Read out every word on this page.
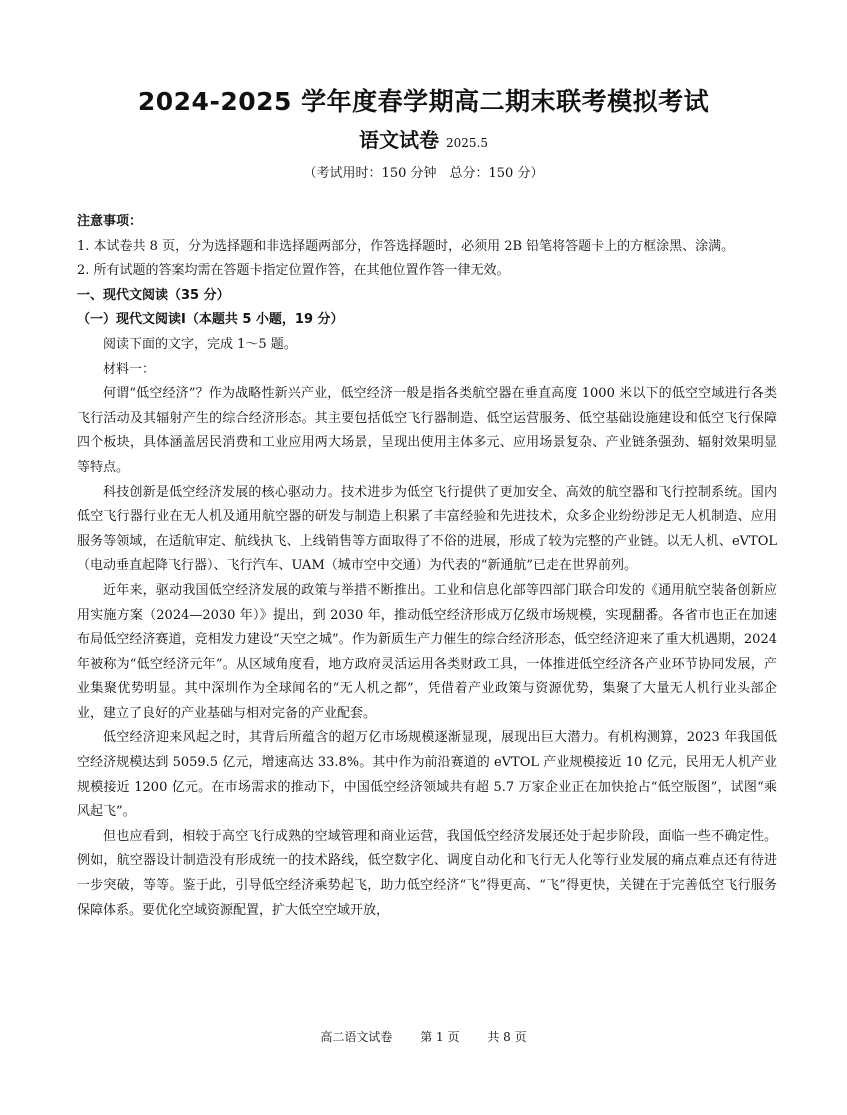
2024-2025 学年度春学期高二期末联考模拟考试
语文试卷 2025.5
（考试用时：150 分钟　总分：150 分）

注意事项：

1. 本试卷共 8 页，分为选择题和非选择题两部分，作答选择题时，必须用 2B 铅笔将答题卡上的方框涂黑、涂满。

2. 所有试题的答案均需在答题卡指定位置作答，在其他位置作答一律无效。

一、现代文阅读（35 分）

（一）现代文阅读Ⅰ（本题共 5 小题，19 分）

阅读下面的文字，完成 1～5 题。

材料一：

何谓“低空经济”？作为战略性新兴产业，低空经济一般是指各类航空器在垂直高度 1000 米以下的低空空域进行各类飞行活动及其辐射产生的综合经济形态。其主要包括低空飞行器制造、低空运营服务、低空基础设施建设和低空飞行保障四个板块，具体涵盖居民消费和工业应用两大场景，呈现出使用主体多元、应用场景复杂、产业链条强劲、辐射效果明显等特点。

科技创新是低空经济发展的核心驱动力。技术进步为低空飞行提供了更加安全、高效的航空器和飞行控制系统。国内低空飞行器行业在无人机及通用航空器的研发与制造上积累了丰富经验和先进技术，众多企业纷纷涉足无人机制造、应用服务等领域，在适航审定、航线执飞、上线销售等方面取得了不俗的进展，形成了较为完整的产业链。以无人机、eVTOL（电动垂直起降飞行器）、飞行汽车、UAM（城市空中交通）为代表的“新通航”已走在世界前列。

近年来，驱动我国低空经济发展的政策与举措不断推出。工业和信息化部等四部门联合印发的《通用航空装备创新应用实施方案（2024—2030 年）》提出，到 2030 年，推动低空经济形成万亿级市场规模，实现翻番。各省市也正在加速布局低空经济赛道，竞相发力建设“天空之城”。作为新质生产力催生的综合经济形态，低空经济迎来了重大机遇期，2024 年被称为“低空经济元年”。从区域角度看，地方政府灵活运用各类财政工具，一体推进低空经济各产业环节协同发展，产业集聚优势明显。其中深圳作为全球闻名的“无人机之都”，凭借着产业政策与资源优势，集聚了大量无人机行业头部企业，建立了良好的产业基础与相对完备的产业配套。

低空经济迎来风起之时，其背后所蕴含的超万亿市场规模逐渐显现，展现出巨大潜力。有机构测算，2023 年我国低空经济规模达到 5059.5 亿元，增速高达 33.8%。其中作为前沿赛道的 eVTOL 产业规模接近 10 亿元，民用无人机产业规模接近 1200 亿元。在市场需求的推动下，中国低空经济领域共有超 5.7 万家企业正在加快抢占“低空版图”，试图“乘风起飞”。

但也应看到，相较于高空飞行成熟的空域管理和商业运营，我国低空经济发展还处于起步阶段，面临一些不确定性。例如，航空器设计制造没有形成统一的技术路线，低空数字化、调度自动化和飞行无人化等行业发展的痛点难点还有待进一步突破，等等。鉴于此，引导低空经济乘势起飞，助力低空经济“飞”得更高、“飞”得更快，关键在于完善低空飞行服务保障体系。要优化空域资源配置，扩大低空空域开放，

高二语文试卷 第 1 页 共 8 页
